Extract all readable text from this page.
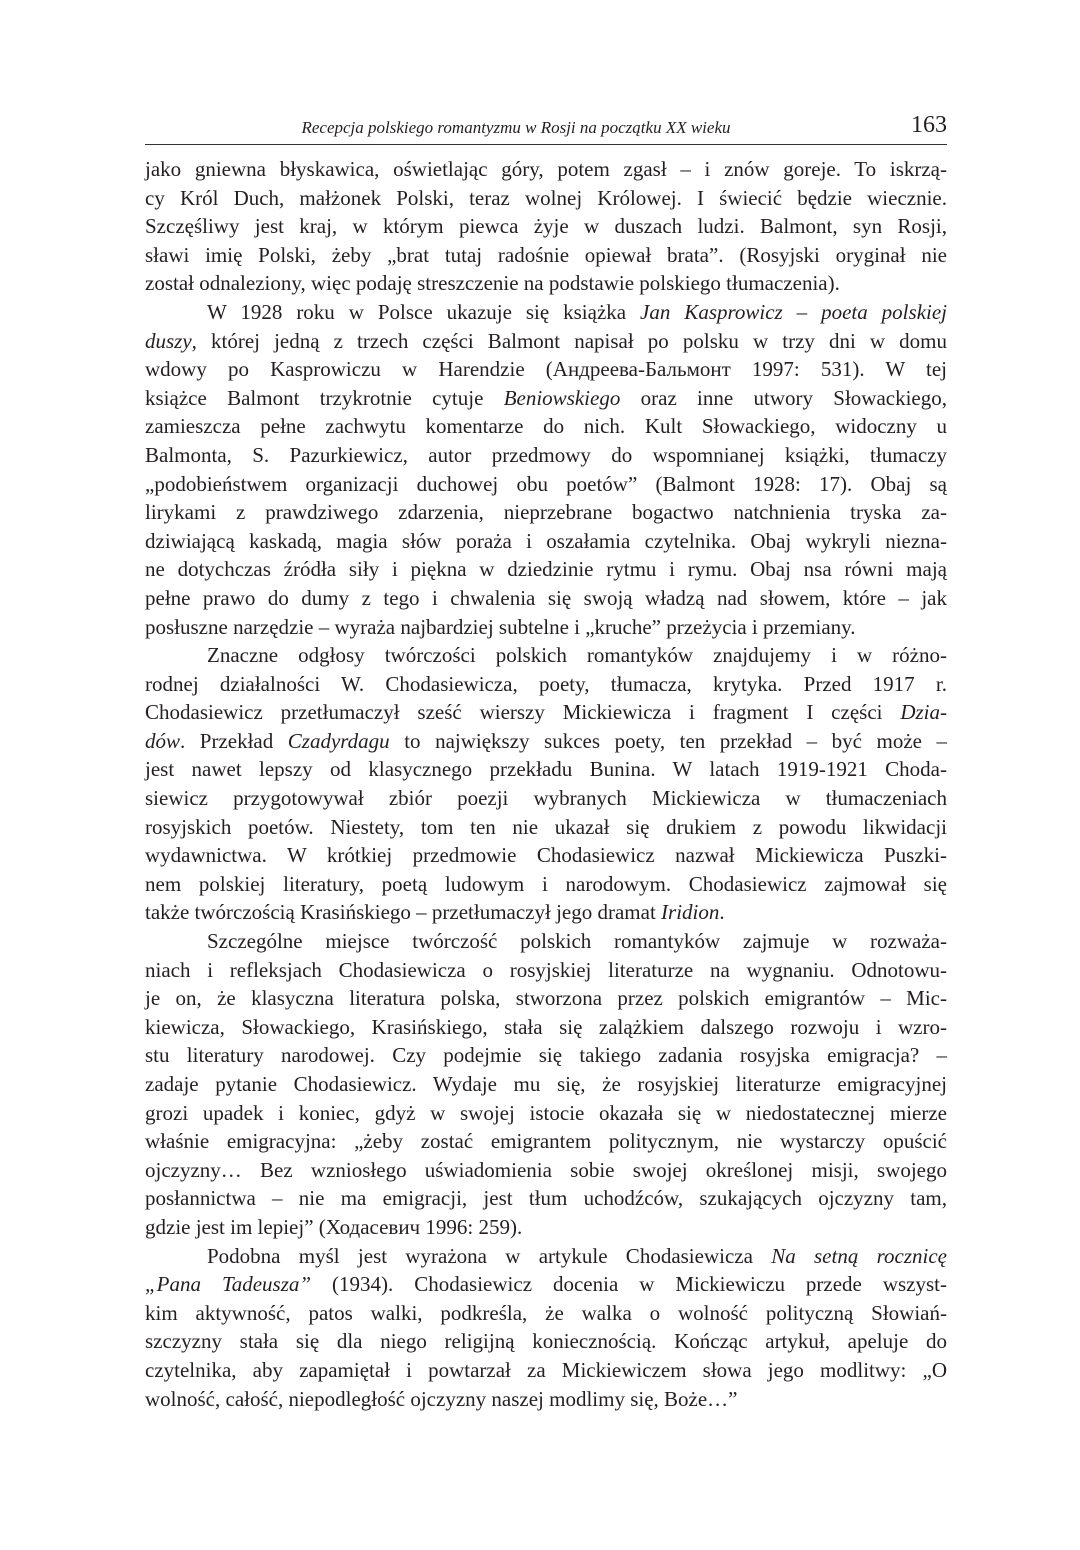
Recepcja polskiego romantyzmu w Rosji na początku XX wieku	163
jako gniewna błyskawica, oświetlając góry, potem zgasł – i znów goreje. To iskrzą-
cy Król Duch, małżonek Polski, teraz wolnej Królowej. I świecić będzie wiecznie.
Szczęśliwy jest kraj, w którym piewca żyje w duszach ludzi. Balmont, syn Rosji,
sławi imię Polski, żeby „brat tutaj radośnie opiewał brata”. (Rosyjski oryginał nie
został odnaleziony, więc podaję streszczenie na podstawie polskiego tłumaczenia).
W 1928 roku w Polsce ukazuje się książka Jan Kasprowicz – poeta polskiej
duszy, której jedną z trzech części Balmont napisał po polsku w trzy dni w domu
wdowy po Kasprowiczu w Harendzie (Андреева-Бальмонт 1997: 531). W tej
książce Balmont trzykrotnie cytuje Beniowskiego oraz inne utwory Słowackiego,
zamieszcza pełne zachwytu komentarze do nich. Kult Słowackiego, widoczny u
Balmonta, S. Pazurkiewicz, autor przedmowy do wspomnianej książki, tłumaczy
„podobieństwem organizacji duchowej obu poetów” (Balmont 1928: 17). Obaj są
lirykami z prawdziwego zdarzenia, nieprzebrane bogactwo natchnienia tryska za-
dziwiającą kaskadą, magia słów poraża i oszałamia czytelnika. Obaj wykryli niezna-
ne dotychczas źródła siły i piękna w dziedzinie rytmu i rymu. Obaj nsa równi mają
pełne prawo do dumy z tego i chwalenia się swoją władzą nad słowem, które – jak
posłuszne narzędzie – wyraża najbardziej subtelne i „kruche” przeżycia i przemiany.
Znaczne odgłosy twórczości polskich romantyków znajdujemy i w różno-
rodnej działalności W. Chodasiewicza, poety, tłumacza, krytyka. Przed 1917 r.
Chodasiewicz przetłumaczył sześć wierszy Mickiewicza i fragment I części Dzia-
dów. Przekład Czadyrdagu to największy sukces poety, ten przekład – być może –
jest nawet lepszy od klasycznego przekładu Bunina. W latach 1919-1921 Choda-
siewicz przygotowywał zbiór poezji wybranych Mickiewicza w tłumaczeniach
rosyjskich poetów. Niestety, tom ten nie ukazał się drukiem z powodu likwidacji
wydawnictwa. W krótkiej przedmowie Chodasiewicz nazwał Mickiewicza Puszki-
nem polskiej literatury, poetą ludowym i narodowym. Chodasiewicz zajmował się
także twórczością Krasińskiego – przetłumaczył jego dramat Iridion.
Szczególne miejsce twórczość polskich romantyków zajmuje w rozważa-
niach i refleksjach Chodasiewicza o rosyjskiej literaturze na wygnaniu. Odnotowu-
je on, że klasyczna literatura polska, stworzona przez polskich emigrantów – Mic-
kiewicza, Słowackiego, Krasińskiego, stała się zalążkiem dalszego rozwoju i wzro-
stu literatury narodowej. Czy podejmie się takiego zadania rosyjska emigracja? –
zadaje pytanie Chodasiewicz. Wydaje mu się, że rosyjskiej literaturze emigracyjnej
grozi upadek i koniec, gdyż w swojej istocie okazała się w niedostatecznej mierze
właśnie emigracyjna: „żeby zostać emigrantem politycznym, nie wystarczy opuścić
ojczyzny… Bez wzniosłego uświadomienia sobie swojej określonej misji, swojego
posłannictwa – nie ma emigracji, jest tłum uchodźców, szukających ojczyzny tam,
gdzie jest im lepiej” (Ходасевич 1996: 259).
Podobna myśl jest wyrażona w artykule Chodasiewicza Na setną rocznicę
„Pana Tadeusza” (1934). Chodasiewicz docenia w Mickiewiczu przede wszyst-
kim aktywność, patos walki, podkreśla, że walka o wolność polityczną Słowiań-
szczyzny stała się dla niego religijną koniecznością. Kończąc artykuł, apeluje do
czytelnika, aby zapamiętał i powtarzał za Mickiewiczem słowa jego modlitwy: „O
wolność, całość, niepodległość ojczyzny naszej modlimy się, Boże…”
